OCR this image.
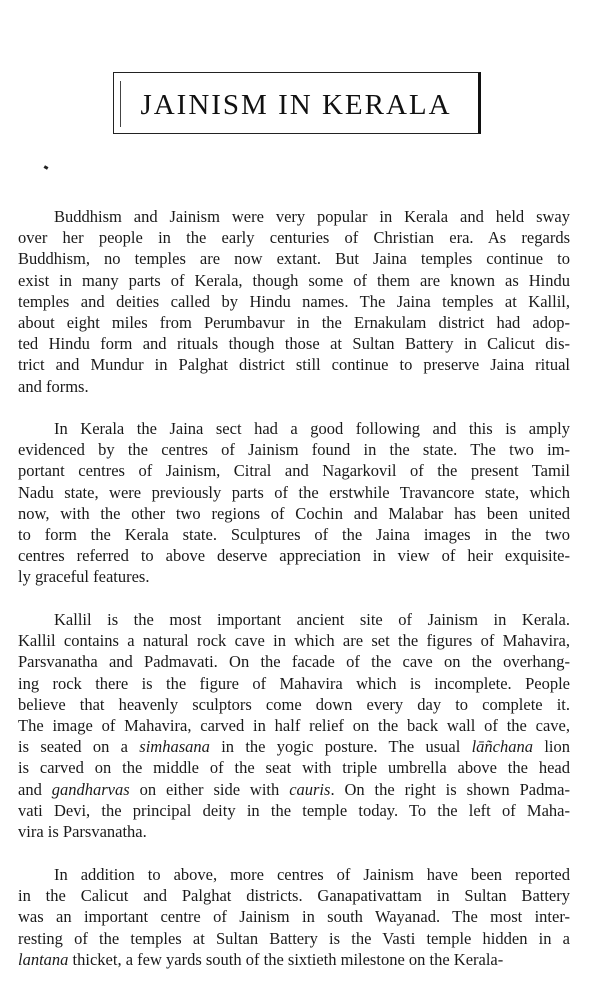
JAINISM IN KERALA
Buddhism and Jainism were very popular in Kerala and held sway
over her people in the early centuries of Christian era. As regards
Buddhism, no temples are now extant. But Jaina temples continue to
exist in many parts of Kerala, though some of them are known as Hindu
temples and deities called by Hindu names. The Jaina temples at Kallil,
about eight miles from Perumbavur in the Ernakulam district had adop-
ted Hindu form and rituals though those at Sultan Battery in Calicut dis-
trict and Mundur in Palghat district still continue to preserve Jaina ritual
and forms.
In Kerala the Jaina sect had a good following and this is amply
evidenced by the centres of Jainism found in the state. The two im-
portant centres of Jainism, Citral and Nagarkovil of the present Tamil
Nadu state, were previously parts of the erstwhile Travancore state, which
now, with the other two regions of Cochin and Malabar has been united
to form the Kerala state. Sculptures of the Jaina images in the two
centres referred to above deserve appreciation in view of heir exquisite-
ly graceful features.
Kallil is the most important ancient site of Jainism in Kerala.
Kallil contains a natural rock cave in which are set the figures of Mahavira,
Parsvanatha and Padmavati. On the facade of the cave on the overhang-
ing rock there is the figure of Mahavira which is incomplete. People
believe that heavenly sculptors come down every day to complete it.
The image of Mahavira, carved in half relief on the back wall of the cave,
is seated on a simhasana in the yogic posture. The usual lāñchana lion
is carved on the middle of the seat with triple umbrella above the head
and gandharvas on either side with cauris. On the right is shown Padma-
vati Devi, the principal deity in the temple today. To the left of Maha-
vira is Parsvanatha.
In addition to above, more centres of Jainism have been reported
in the Calicut and Palghat districts. Ganapativattam in Sultan Battery
was an important centre of Jainism in south Wayanad. The most inter-
resting of the temples at Sultan Battery is the Vasti temple hidden in a
lantana thicket, a few yards south of the sixtieth milestone on the Kerala-
